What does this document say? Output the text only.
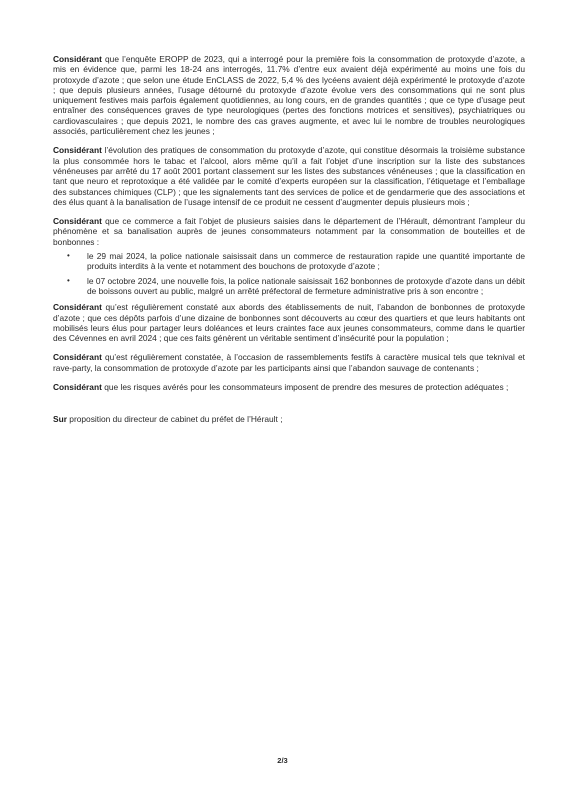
Considérant que l’enquête EROPP de 2023, qui a interrogé pour la première fois la consommation de protoxyde d’azote, a mis en évidence que, parmi les 18-24 ans interrogés, 11.7% d’entre eux avaient déjà expérimenté au moins une fois du protoxyde d’azote ; que selon une étude EnCLASS de 2022, 5,4 % des lycéens avaient déjà expérimenté le protoxyde d’azote ; que depuis plusieurs années, l’usage détourné du protoxyde d’azote évolue vers des consommations qui ne sont plus uniquement festives mais parfois également quotidiennes, au long cours, en de grandes quantités ; que ce type d’usage peut entraîner des conséquences graves de type neurologiques (pertes des fonctions motrices et sensitives), psychiatriques ou cardiovasculaires ; que depuis 2021, le nombre des cas graves augmente, et avec lui le nombre de troubles neurologiques associés, particulièrement chez les jeunes ;

Considérant l’évolution des pratiques de consommation du protoxyde d’azote, qui constitue désormais la troisième substance la plus consommée hors le tabac et l’alcool, alors même qu’il a fait l’objet d’une inscription sur la liste des substances vénéneuses par arrêté du 17 août 2001 portant classement sur les listes des substances vénéneuses ; que la classification en tant que neuro et reprotoxique a été validée par le comité d’experts européen sur la classification, l’étiquetage et l’emballage des substances chimiques (CLP) ; que les signalements tant des services de police et de gendarmerie que des associations et des élus quant à la banalisation de l’usage intensif de ce produit ne cessent d’augmenter depuis plusieurs mois ;

Considérant que ce commerce a fait l’objet de plusieurs saisies dans le département de l’Hérault, démontrant l’ampleur du phénomène et sa banalisation auprès de jeunes consommateurs notamment par la consommation de bouteilles et de bonbonnes :

• le 29 mai 2024, la police nationale saisissait dans un commerce de restauration rapide une quantité importante de produits interdits à la vente et notamment des bouchons de protoxyde d’azote ;
• le 07 octobre 2024, une nouvelle fois, la police nationale saisissait 162 bonbonnes de protoxyde d’azote dans un débit de boissons ouvert au public, malgré un arrêté préfectoral de fermeture administrative pris à son encontre ;

Considérant qu’est régulièrement constaté aux abords des établissements de nuit, l’abandon de bonbonnes de protoxyde d’azote ; que ces dépôts parfois d’une dizaine de bonbonnes sont découverts au cœur des quartiers et que leurs habitants ont mobilisés leurs élus pour partager leurs doléances et leurs craintes face aux jeunes consommateurs, comme dans le quartier des Cévennes en avril 2024 ; que ces faits génèrent un véritable sentiment d’insécurité pour la population ;

Considérant qu’est régulièrement constatée, à l’occasion de rassemblements festifs à caractère musical tels que teknival et rave-party, la consommation de protoxyde d’azote par les participants ainsi que l’abandon sauvage de contenants ;

Considérant que les risques avérés pour les consommateurs imposent de prendre des mesures de protection adéquates ;

Sur proposition du directeur de cabinet du préfet de l’Hérault ;

2/3
